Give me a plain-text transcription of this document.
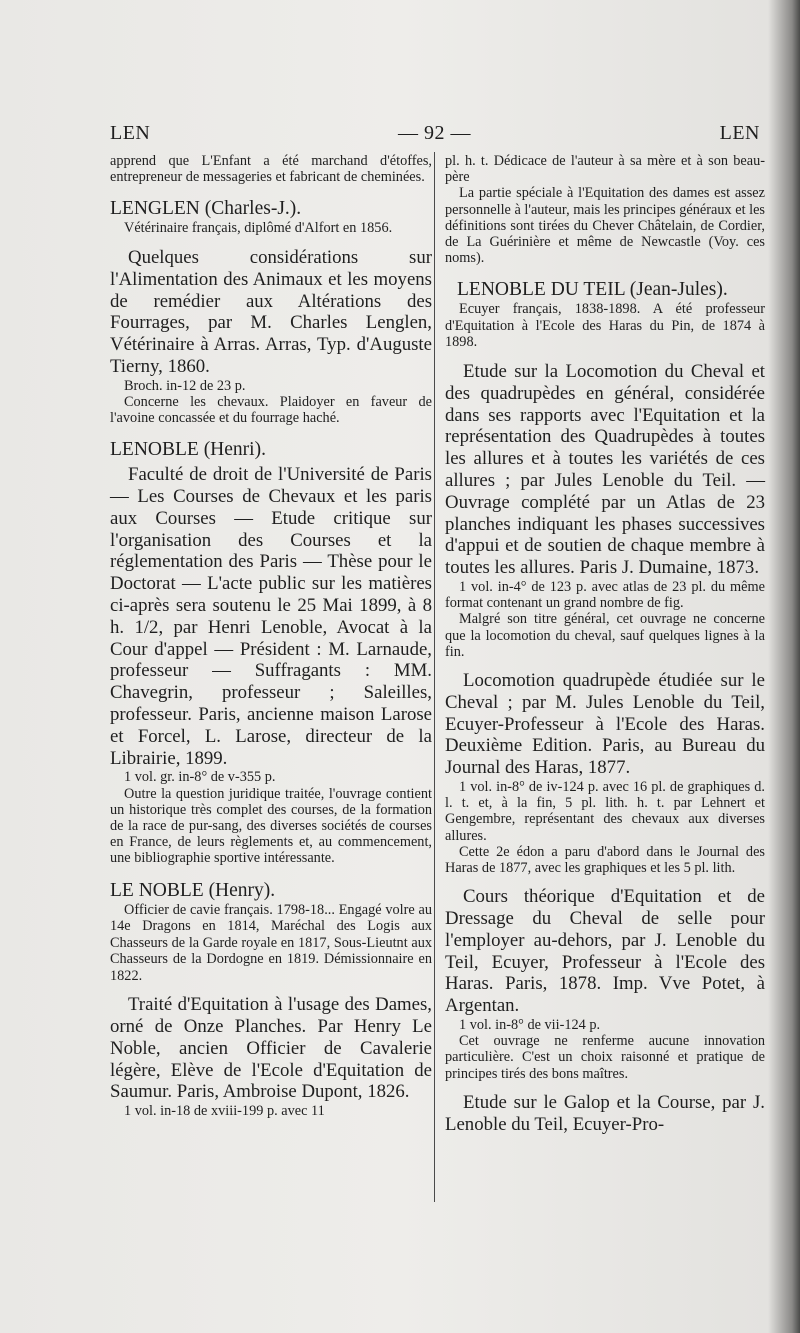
LEN	— 92 —	LEN

apprend que L'Enfant a été marchand d'étoffes, entrepreneur de messageries et fabricant de cheminées.

LENGLEN (Charles-J.).

Vétérinaire français, diplômé d'Alfort en 1856.

Quelques considérations sur l'Alimentation des Animaux et les moyens de remédier aux Altérations des Fourrages, par M. Charles Lenglen, Vétérinaire à Arras. Arras, Typ. d'Auguste Tierny, 1860.

Broch. in-12 de 23 p.

Concerne les chevaux. Plaidoyer en faveur de l'avoine concassée et du fourrage haché.

LENOBLE (Henri).

Faculté de droit de l'Université de Paris — Les Courses de Chevaux et les paris aux Courses — Etude critique sur l'organisation des Courses et la réglementation des Paris — Thèse pour le Doctorat — L'acte public sur les matières ci-après sera soutenu le 25 Mai 1899, à 8 h. 1/2, par Henri Lenoble, Avocat à la Cour d'appel — Président : M. Larnaude, professeur — Suffragants : MM. Chavegrin, professeur ; Saleilles, professeur. Paris, ancienne maison Larose et Forcel, L. Larose, directeur de la Librairie, 1899.

1 vol. gr. in-8° de v-355 p.

Outre la question juridique traitée, l'ouvrage contient un historique très complet des courses, de la formation de la race de pur-sang, des diverses sociétés de courses en France, de leurs règlements et, au commencement, une bibliographie sportive intéressante.

LE NOBLE (Henry).

Officier de cavie français. 1798-18... Engagé volre au 14e Dragons en 1814, Maréchal des Logis aux Chasseurs de la Garde royale en 1817, Sous-Lieutnt aux Chasseurs de la Dordogne en 1819. Démissionnaire en 1822.

Traité d'Equitation à l'usage des Dames, orné de Onze Planches. Par Henry Le Noble, ancien Officier de Cavalerie légère, Elève de l'Ecole d'Equitation de Saumur. Paris, Ambroise Dupont, 1826.

1 vol. in-18 de xviii-199 p. avec 11

pl. h. t. Dédicace de l'auteur à sa mère et à son beau-père

La partie spéciale à l'Equitation des dames est assez personnelle à l'auteur, mais les principes généraux et les définitions sont tirées du Chever Châtelain, de Cordier, de La Guérinière et même de Newcastle (Voy. ces noms).

LENOBLE DU TEIL (Jean-Jules).

Ecuyer français, 1838-1898. A été professeur d'Equitation à l'Ecole des Haras du Pin, de 1874 à 1898.

Etude sur la Locomotion du Cheval et des quadrupèdes en général, considérée dans ses rapports avec l'Equitation et la représentation des Quadrupèdes à toutes les allures et à toutes les variétés de ces allures ; par Jules Lenoble du Teil. — Ouvrage complété par un Atlas de 23 planches indiquant les phases successives d'appui et de soutien de chaque membre à toutes les allures. Paris J. Dumaine, 1873.

1 vol. in-4° de 123 p. avec atlas de 23 pl. du même format contenant un grand nombre de fig.

Malgré son titre général, cet ouvrage ne concerne que la locomotion du cheval, sauf quelques lignes à la fin.

Locomotion quadrupède étudiée sur le Cheval ; par M. Jules Lenoble du Teil, Ecuyer-Professeur à l'Ecole des Haras. Deuxième Edition. Paris, au Bureau du Journal des Haras, 1877.

1 vol. in-8° de iv-124 p. avec 16 pl. de graphiques d. l. t. et, à la fin, 5 pl. lith. h. t. par Lehnert et Gengembre, représentant des chevaux aux diverses allures.

Cette 2e édon a paru d'abord dans le Journal des Haras de 1877, avec les graphiques et les 5 pl. lith.

Cours théorique d'Equitation et de Dressage du Cheval de selle pour l'employer au-dehors, par J. Lenoble du Teil, Ecuyer, Professeur à l'Ecole des Haras. Paris, 1878. Imp. Vve Potet, à Argentan.

1 vol. in-8° de vii-124 p.

Cet ouvrage ne renferme aucune innovation particulière. C'est un choix raisonné et pratique de principes tirés des bons maîtres.

Etude sur le Galop et la Course, par J. Lenoble du Teil, Ecuyer-Pro-
